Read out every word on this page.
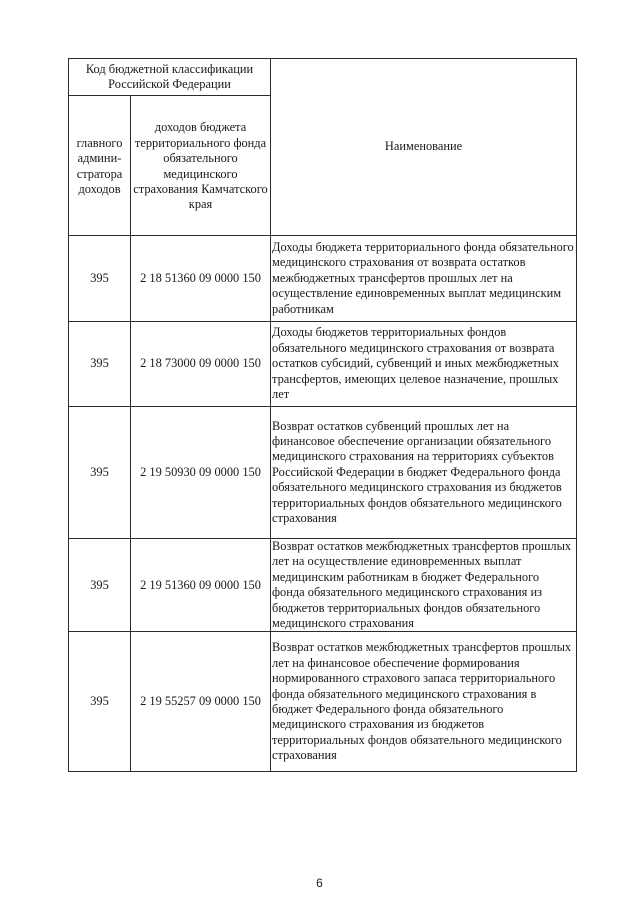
Код бюджетной классификации Российской Федерации		Наименование
главного админи-стратора доходов	доходов бюджета территориального фонда обязательного медицинского страхования Камчатского края	
395	2 18 51360 09 0000 150	Доходы бюджета территориального фонда обязательного медицинского страхования от возврата остатков межбюджетных трансфертов прошлых лет на осуществление единовременных выплат медицинским работникам
395	2 18 73000 09 0000 150	Доходы бюджетов территориальных фондов обязательного медицинского страхования от возврата остатков субсидий, субвенций и иных межбюджетных трансфертов, имеющих целевое назначение, прошлых лет
395	2 19 50930 09 0000 150	Возврат остатков субвенций прошлых лет на финансовое обеспечение организации обязательного медицинского страхования на территориях субъектов Российской Федерации в бюджет Федерального фонда обязательного медицинского страхования из бюджетов территориальных фондов обязательного медицинского страхования
395	2 19 51360 09 0000 150	Возврат остатков межбюджетных трансфертов прошлых лет на осуществление единовременных выплат медицинским работникам в бюджет Федерального фонда обязательного медицинского страхования из бюджетов территориальных фондов обязательного медицинского страхования
395	2 19 55257 09 0000 150	Возврат остатков межбюджетных трансфертов прошлых лет на финансовое обеспечение формирования нормированного страхового запаса территориального фонда обязательного медицинского страхования в бюджет Федерального фонда обязательного медицинского страхования из бюджетов территориальных фондов обязательного медицинского страхования
6
